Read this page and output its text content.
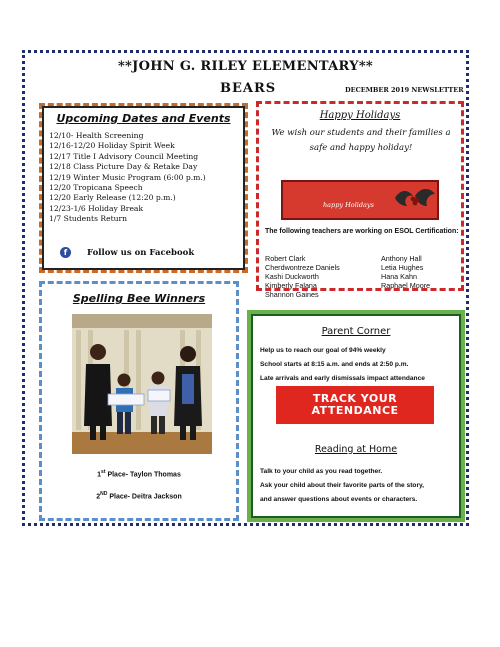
**JOHN G. RILEY ELEMENTARY**
BEARS	DECEMBER 2019 NEWSLETTER
Upcoming Dates and Events
12/10- Health Screening
12/16-12/20 Holiday Spirit Week
12/17 Title I Advisory Council Meeting
12/18 Class Picture Day & Retake Day
12/19 Winter Music Program (6:00 p.m.)
12/20 Tropicana Speech
12/20 Early Release (12:20 p.m.)
12/23-1/6 Holiday Break
1/7 Students Return
f	Follow us on Facebook
Happy Holidays
We wish our students and their families a safe and happy holiday!
happy Holidays
The following teachers are working on ESOL Certification:
Robert Clark	Anthony Hall
Cherdwontreze Daniels	Letia Hughes
Kashi Duckworth	Hana Kahn
Kimberly Falana	Raphael Moore
Shannon Gaines
Spelling Bee Winners
1st Place- Taylon Thomas
2ND Place- Deitra Jackson
Parent Corner
Help us to reach our goal of 94% weekly
School starts at 8:15 a.m. and ends at 2:50 p.m.
Late arrivals and early dismissals impact attendance
TRACK YOUR
ATTENDANCE
Reading at Home
Talk to your child as you read together.
Ask your child about their favorite parts of the story,
and answer questions about events or characters.
